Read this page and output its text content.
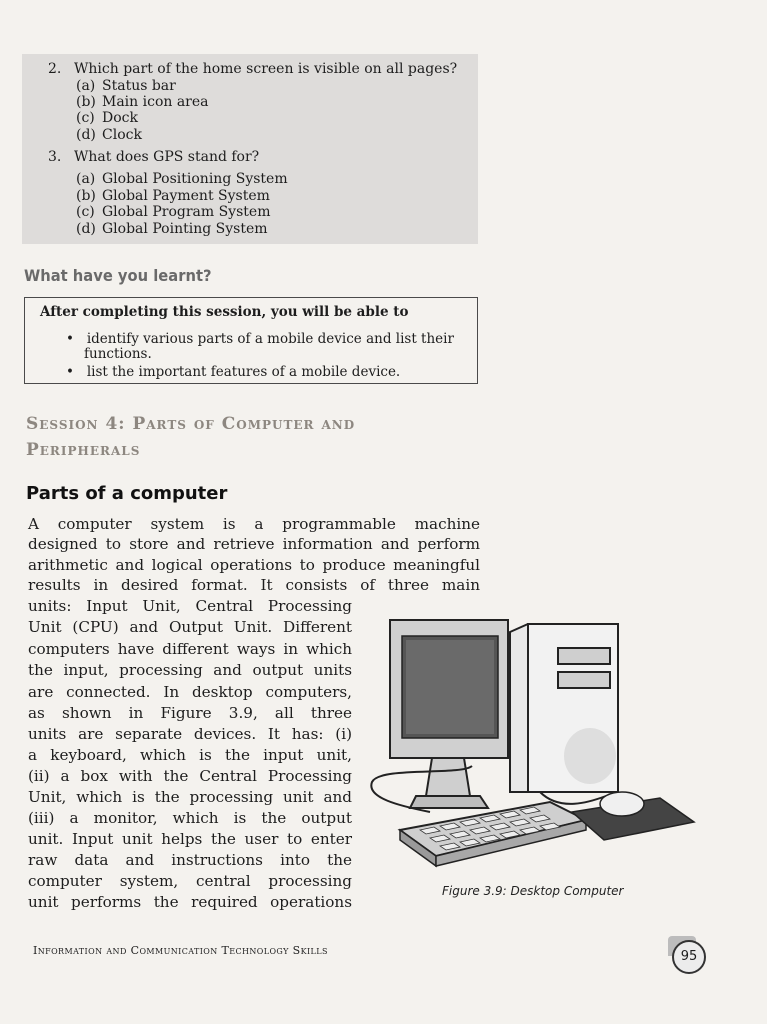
2. Which part of the home screen is visible on all pages?
(a) Status bar
(b) Main icon area
(c) Dock
(d) Clock
3. What does GPS stand for?
(a) Global Positioning System
(b) Global Payment System
(c) Global Program System
(d) Global Pointing System
What have you learnt?
After completing this session, you will be able to
•   identify various parts of a mobile device and list their
functions.
•   list the important features of a mobile device.
Session 4: Parts of Computer and
Peripherals
Parts of a computer
A computer system is a programmable machine
designed to store and retrieve information and perform
arithmetic and logical operations to produce meaningful
results in desired format. It consists of three main
units: Input Unit, Central Processing
Unit (CPU) and Output Unit. Different
computers have different ways in which
the input, processing and output units
are connected. In desktop computers,
as shown in Figure 3.9, all three
units are separate devices. It has: (i)
a keyboard, which is the input unit,
(ii) a box with the Central Processing
Unit, which is the processing unit and
(iii) a monitor, which is the output
unit. Input unit helps the user to enter
raw data and instructions into the
computer system, central processing
unit performs the required operations
Figure 3.9: Desktop Computer
Information and Communication Technology Skills	95
